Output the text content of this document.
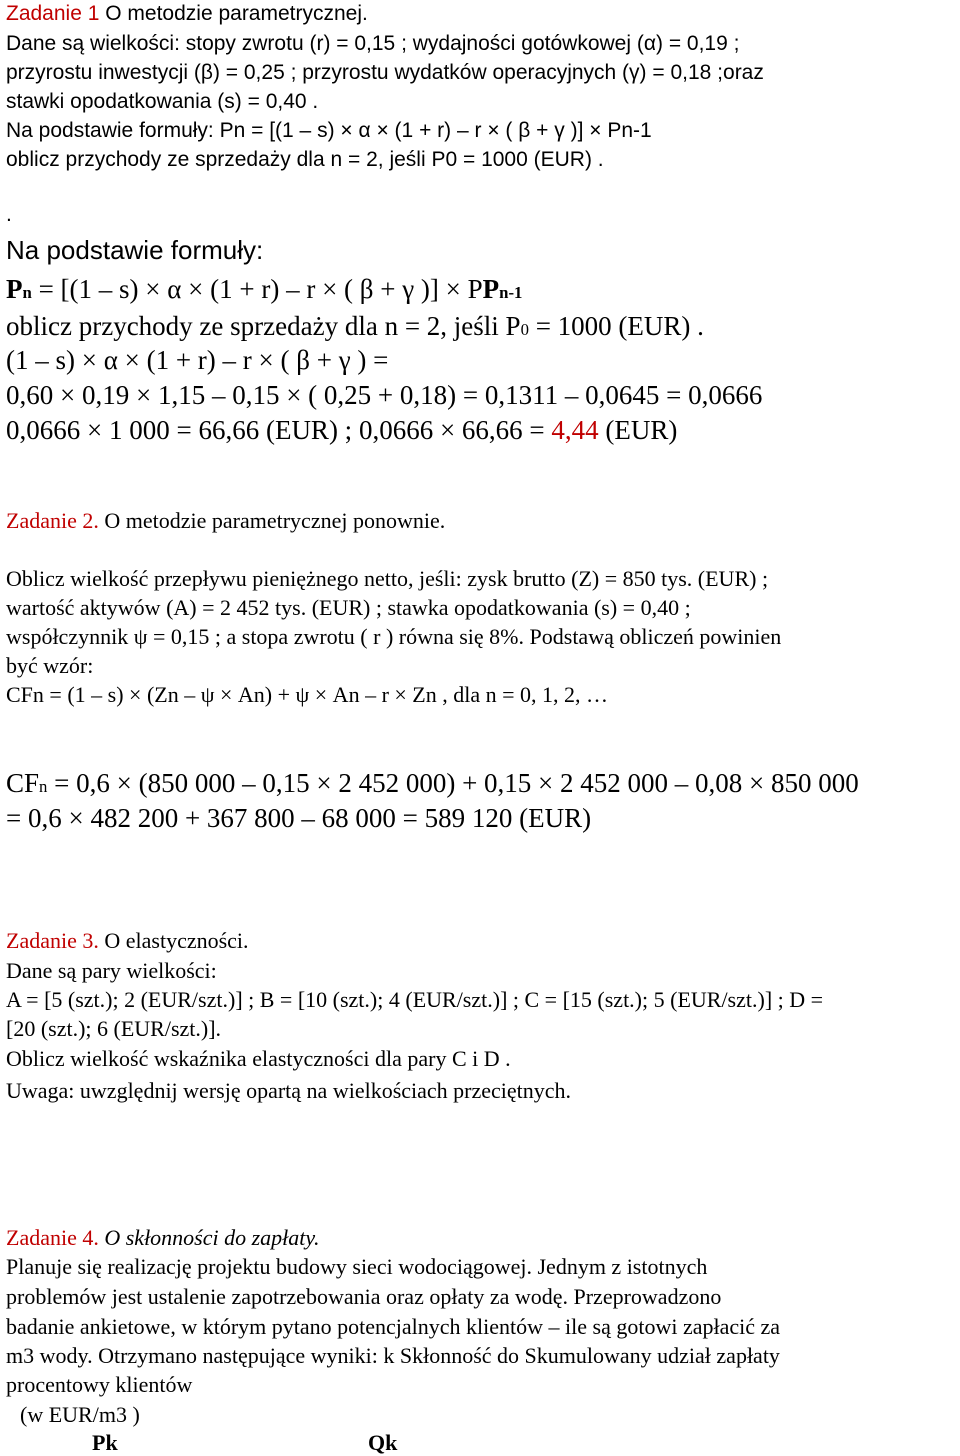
Zadanie 1 O metodzie parametrycznej.
Dane są wielkości: stopy zwrotu (r) = 0,15 ; wydajności gotówkowej (α) = 0,19 ;
przyrostu inwestycji (β) = 0,25 ; przyrostu wydatków operacyjnych (γ) = 0,18 ;oraz
stawki opodatkowania (s) = 0,40 .
Na podstawie formuły: Pn = [(1 – s) × α × (1 + r) – r × ( β + γ )] × Pn-1
oblicz przychody ze sprzedaży dla n = 2, jeśli P0 = 1000 (EUR) .
.
Na podstawie formuły:
Pn = [(1 – s) × α × (1 + r) – r × ( β + γ )] × PPn-1
oblicz przychody ze sprzedaży dla n = 2, jeśli P0 = 1000 (EUR) .
(1 – s) × α × (1 + r) – r × ( β + γ ) =
0,60 × 0,19 × 1,15 – 0,15 × ( 0,25 + 0,18) = 0,1311 – 0,0645 = 0,0666
0,0666 × 1 000 = 66,66 (EUR) ; 0,0666 × 66,66 = 4,44 (EUR)
Zadanie 2. O metodzie parametrycznej ponownie.
Oblicz wielkość przepływu pieniężnego netto, jeśli: zysk brutto (Z) = 850 tys. (EUR) ;
wartość aktywów (A) = 2 452 tys. (EUR) ; stawka opodatkowania (s) = 0,40 ;
współczynnik ψ = 0,15 ; a stopa zwrotu ( r ) równa się 8%. Podstawą obliczeń powinien
być wzór:
CFn = (1 – s) × (Zn – ψ × An) + ψ × An – r × Zn , dla n = 0, 1, 2, …
CFn = 0,6 × (850 000 – 0,15 × 2 452 000) + 0,15 × 2 452 000 – 0,08 × 850 000
= 0,6 × 482 200 + 367 800 – 68 000 = 589 120 (EUR)
Zadanie 3. O elastyczności.
Dane są pary wielkości:
A = [5 (szt.); 2 (EUR/szt.)] ; B = [10 (szt.); 4 (EUR/szt.)] ; C = [15 (szt.); 5 (EUR/szt.)] ; D =
[20 (szt.); 6 (EUR/szt.)].
Oblicz wielkość wskaźnika elastyczności dla pary C i D .
Uwaga: uwzględnij wersję opartą na wielkościach przeciętnych.
Zadanie 4. O skłonności do zapłaty.
Planuje się realizację projektu budowy sieci wodociągowej. Jednym z istotnych
problemów jest ustalenie zapotrzebowania oraz opłaty za wodę. Przeprowadzono
badanie ankietowe, w którym pytano potencjalnych klientów – ile są gotowi zapłacić za
m3 wody. Otrzymano następujące wyniki: k Skłonność do Skumulowany udział zapłaty
procentowy klientów
(w EUR/m3 )
Pk	Qk
